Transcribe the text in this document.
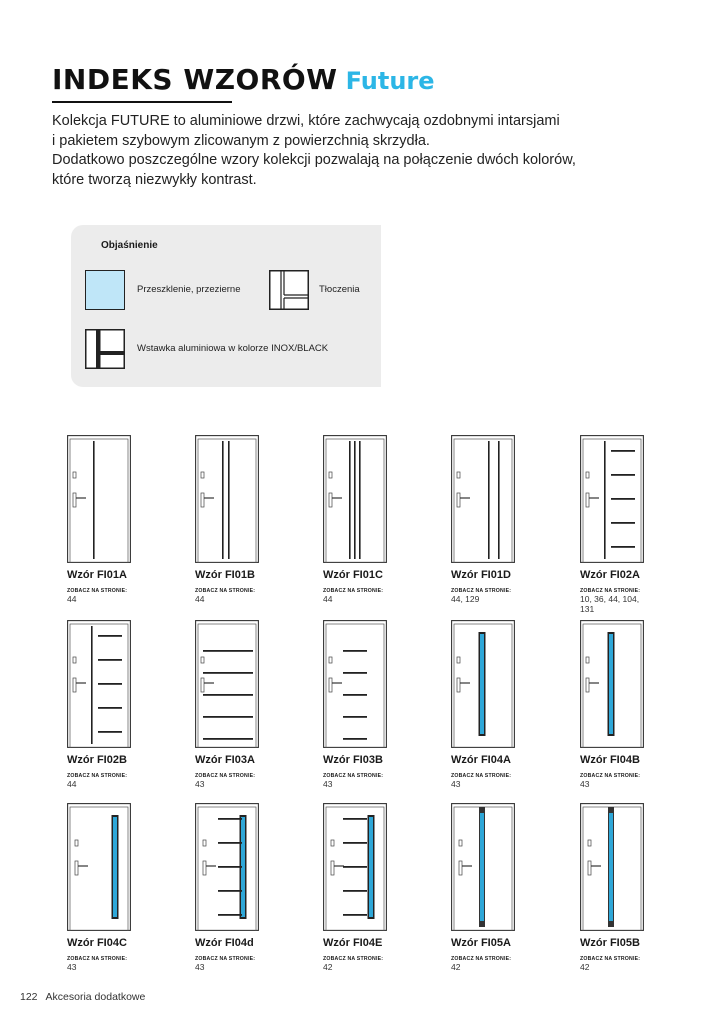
INDEKS WZORÓW Future

Kolekcja FUTURE to aluminiowe drzwi, które zachwycają ozdobnymi intarsjami

i pakietem szybowym zlicowanym z powierzchnią skrzydła.

Dodatkowo poszczególne wzory kolekcji pozwalają na połączenie dwóch kolorów,

które tworzą niezwykły kontrast.

Objaśnienie
Przeszklenie, przezierne	Tłoczenia
Wstawka aluminiowa w kolorze INOX/BLACK
Wzór FI01A
ZOBACZ NA STRONIE:
44
Wzór FI01B
ZOBACZ NA STRONIE:
44
Wzór FI01C
ZOBACZ NA STRONIE:
44
Wzór FI01D
ZOBACZ NA STRONIE:
44, 129
Wzór FI02A
ZOBACZ NA STRONIE:
10, 36, 44, 104, 131
Wzór FI02B
ZOBACZ NA STRONIE:
44
Wzór FI03A
ZOBACZ NA STRONIE:
43
Wzór FI03B
ZOBACZ NA STRONIE:
43
Wzór FI04A
ZOBACZ NA STRONIE:
43
Wzór FI04B
ZOBACZ NA STRONIE:
43
Wzór FI04C
ZOBACZ NA STRONIE:
43
Wzór FI04d
ZOBACZ NA STRONIE:
43
Wzór FI04E
ZOBACZ NA STRONIE:
42
Wzór FI05A
ZOBACZ NA STRONIE:
42
Wzór FI05B
ZOBACZ NA STRONIE:
42
122 Akcesoria dodatkowe
